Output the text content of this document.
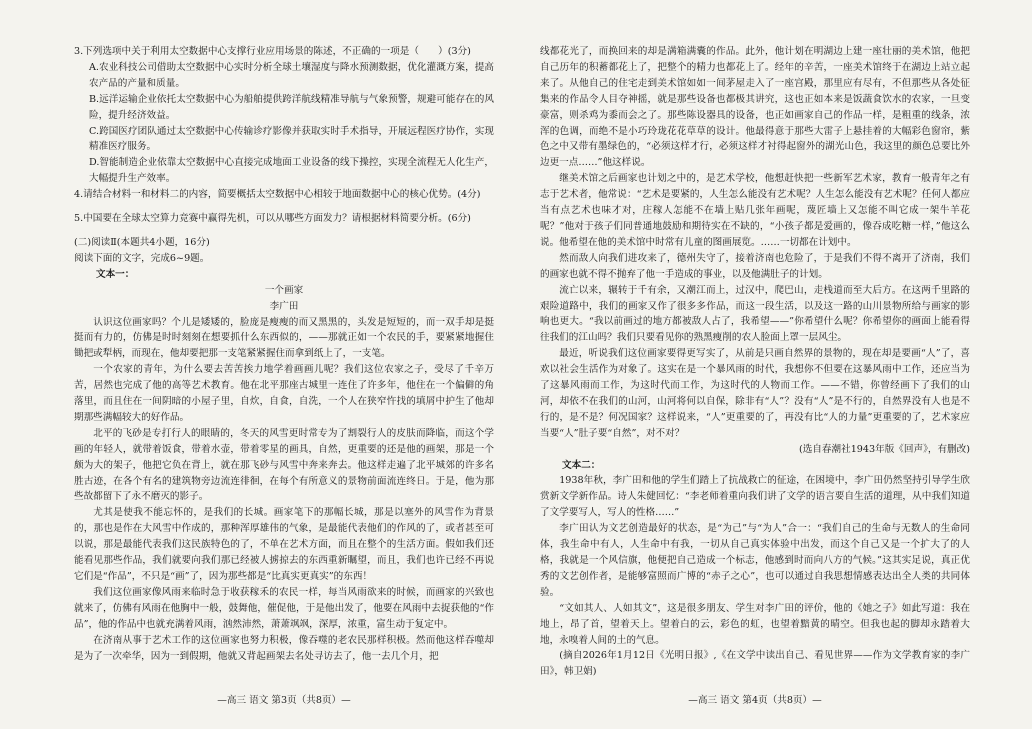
3.下列选项中关于利用太空数据中心支撑行业应用场景的陈述，不正确的一项是（　　）(3分)

A.农业科技公司借助太空数据中心实时分析全球土壤湿度与降水预测数据，优化灌溉方案，提高农产品的产量和质量。

B.远洋运输企业依托太空数据中心为船舶提供跨洋航线精准导航与气象预警，规避可能存在的风险，提升经济效益。

C.跨国医疗团队通过太空数据中心传输诊疗影像并获取实时手术指导，开展远程医疗协作，实现精准医疗服务。

D.智能制造企业依靠太空数据中心直接完成地面工业设备的线下操控，实现全流程无人化生产，大幅提升生产效率。

4.请结合材料一和材料二的内容，简要概括太空数据中心相较于地面数据中心的核心优势。(4分)

5.中国要在全球太空算力竞赛中赢得先机，可以从哪些方面发力？请根据材料简要分析。(6分)

(二)阅读Ⅱ(本题共4小题，16分)

阅读下面的文字，完成6~9题。

文本一：

一个画家

李广田

认识这位画家吗？个儿是矮矮的，脸庞是瘦瘦的而又黑黑的，头发是短短的，而一双手却是挺挺而有力的，仿佛是时时刻刻在想要抓什么东西似的，——那就正如一个农民的手，要紧紧地握住锄把或犁柄，而现在，他却要把那一支笔紧紧握住而拿到纸上了，一支笔。

一个农家的青年，为什么要去苦苦挨力地学着画画儿呢？我们这位农家之子，受尽了千辛万苦，居然也完成了他的高等艺术教育。他在北平那座古城里一连住了许多年，他住在一个偏僻的角落里，而且住在一间阴暗的小屋子里，自炊，自食，自洗，一个人在狭窄忤找的填屑中护生了他却期那些满幅较大的好作品。

北平的飞砂是专打行人的眼睛的，冬天的风雪更时常专为了割裂行人的皮肤而降临，而这个学画的年轻人，就带着饭食，带着水壶，带着零星的画具，自然，更重要的还是他的画架，那是一个颇为大的架子，他把它负在背上，就在那飞砂与风雪中奔来奔去。他这样走遍了北平城郊的许多名胜古迹，在各个有名的建筑物旁边流连徘徊，在每个有所意义的景物前面流连终日。于是，他为那些故都留下了永不磨灭的影子。

尤其是使我不能忘怀的，是我们的长城。画家笔下的那幅长城，那是以塞外的风雪作为背景的，那也是作在大风雪中作成的，那种浑厚雄伟的气象，是最能代表他们的作风的了，或者甚至可以说，那是最能代表我们这民族特色的了，不单在艺术方面，而且在整个的生活方面。假如我们还能看见那些作品，我们就要向我们那已经被人掳掠去的东西重新瞩望，而且，我们也许已经不再说它们是“作品”，不只是“画”了，因为那些都是“比真实更真实”的东西！

我们这位画家像风雨来临时急于收获稼禾的农民一样，每当风雨欲来的时候，而画家的兴致也就来了，仿佛有风雨在他胸中一般，鼓舞他，催促他，于是他出发了，他要在风雨中去捉获他的“作品”，他的作品中也就充满着风雨，汹然沛然，萧萧飒飒，深厚，浓重，富生动于复定中。

在济南从事于艺术工作的这位画家也努力积极，像吞噬的老农民那样积极。然而他这样吞噬却是为了一次牵华，因为一到假期，他就又背起画架去名处寻访去了，他一去几个月，把

线都花光了，而换回来的却是满箱满囊的作品。此外，他计划在明湖边上建一座壮丽的美术馆，他把自己历年的积蓄都花上了，把整个的精力也都花上了。经年的辛苦，一座美术馆终于在湖边上站立起来了。从他自己的住宅走到美术馆如如一间茅屋走入了一座宫殿，那里应有尽有，不但那些从各处征集来的作品令人目夺神摇，就是那些设备也都极其讲究，这也正如本来是饭蔬食饮水的农家，一旦变豪富，则杀鸡为黍而会之了。那些陈设器具的设备，也正如画家自己的作品一样，是粗重的线条，浓浑的色调，而绝不是小巧玲珑花花草草的设计。他最得意于那些大雷子上悬挂着的大幅彩色窗帘，紫色之中又带有墨绿色的，“必须这样才行，必须这样才衬得起窗外的湖光山色，我这里的颜色总要比外边更一点……”他这样说。

继美术馆之后画家也计划之中的，是艺术学校，他想赶快把一些新军艺术家，教育一般青年之有志于艺术者，他常说：“艺术是要紧的，人生怎么能没有艺术呢？人生怎么能没有艺术呢？任何人都应当有点艺术也味才对，庄稼人怎能不在墙上贴几张年画呢，蔑匠墙上又怎能不叫它成一架牛羊花呢？”他对于孩子们同普通地鼓励和期待实在不缺的，“小孩子都是爱画的，像吞成吃糖一样，”他这么说。他希望在他的美术馆中时常有儿童的图画展览。……一切都在计划中。

然而敌人向我们进攻来了，德州失守了，接着济南也危险了，于是我们不得不离开了济南，我们的画家也就不得不抛弃了他一手造成的事业，以及他满肚子的计划。

流亡以来，辗转于千有余，又潮江而上，过汉中，爬巴山，走栈道而至大后方。在这两千里路的艰险道路中，我们的画家又作了很多多作品，而这一段生活，以及这一路的山川景物所给与画家的影响也更大。“我以前画过的地方都被敌人占了，我希望——”你希望什么呢？你希望你的画面上能看得往我们的江山吗？我们只要看见你的熟黑瘦削的农人脸面上罩一层风尘。

最近，听说我们这位画家要得更写实了，从前是只画自然界的景物的，现在却是要画“人”了，喜欢以社会生活作为对象了。这实在是一个暴风雨的时代，我想你不但要在这暴风雨中工作，还应当为了这暴风雨而工作，为这时代而工作，为这时代的人物而工作。——不错，你曾经画下了我们的山河，却依不在我们的山河，山河将何以自保，除非有“人”？没有“人”是不行的，自然界没有人也是不行的，是不是？何况国家？这样说来，“人”更重要的了，再没有比“人的力量”更重要的了，艺术家应当要“人”肚子要“自然”，对不对？

(选自春潮社1943年版《回声》，有删改)

文本二：

1938年秋，李广田和他的学生们踏上了抗战救亡的征途，在困境中，李广田仍然坚持引导学生欣赏新文学新作品。诗人朱健回忆：“李老师着重向我们讲了文学的语言要自生活的道理，从中我们知道了文学要写人，写人的性格……”

李广田认为文艺创造最好的状态，是“为己”与“为人”合一：“我们自己的生命与无数人的生命同体，我生命中有人，人生命中有我，一切从自己真实体验中出发，而这个自己又是一个扩大了的人格，我就是一个风信旗，他便把自己造成一个标志，他感到时而向八方的气候。”这其实足说，真正优秀的文艺创作者，是能够富照而广博的“赤子之心”，也可以通过自我思想情感表达出全人类的共同体验。

“文如其人、人如其文”，这是很多朋友、学生对李广田的评价，他的《她之子》如此写道：我在地上，昂了首，望着天上。望着白的云，彩色的虹，也望着黯黄的晴空。但我也起的脚却永踏着大地，永嗅着人间的土的气息。

(摘自2026年1月12日《光明日报》,《在文学中读出自己、看见世界——作为文学教育家的李广田》，韩卫娟)

—高三 语文 第3页（共8页）—	—高三 语文 第4页（共8页）—
